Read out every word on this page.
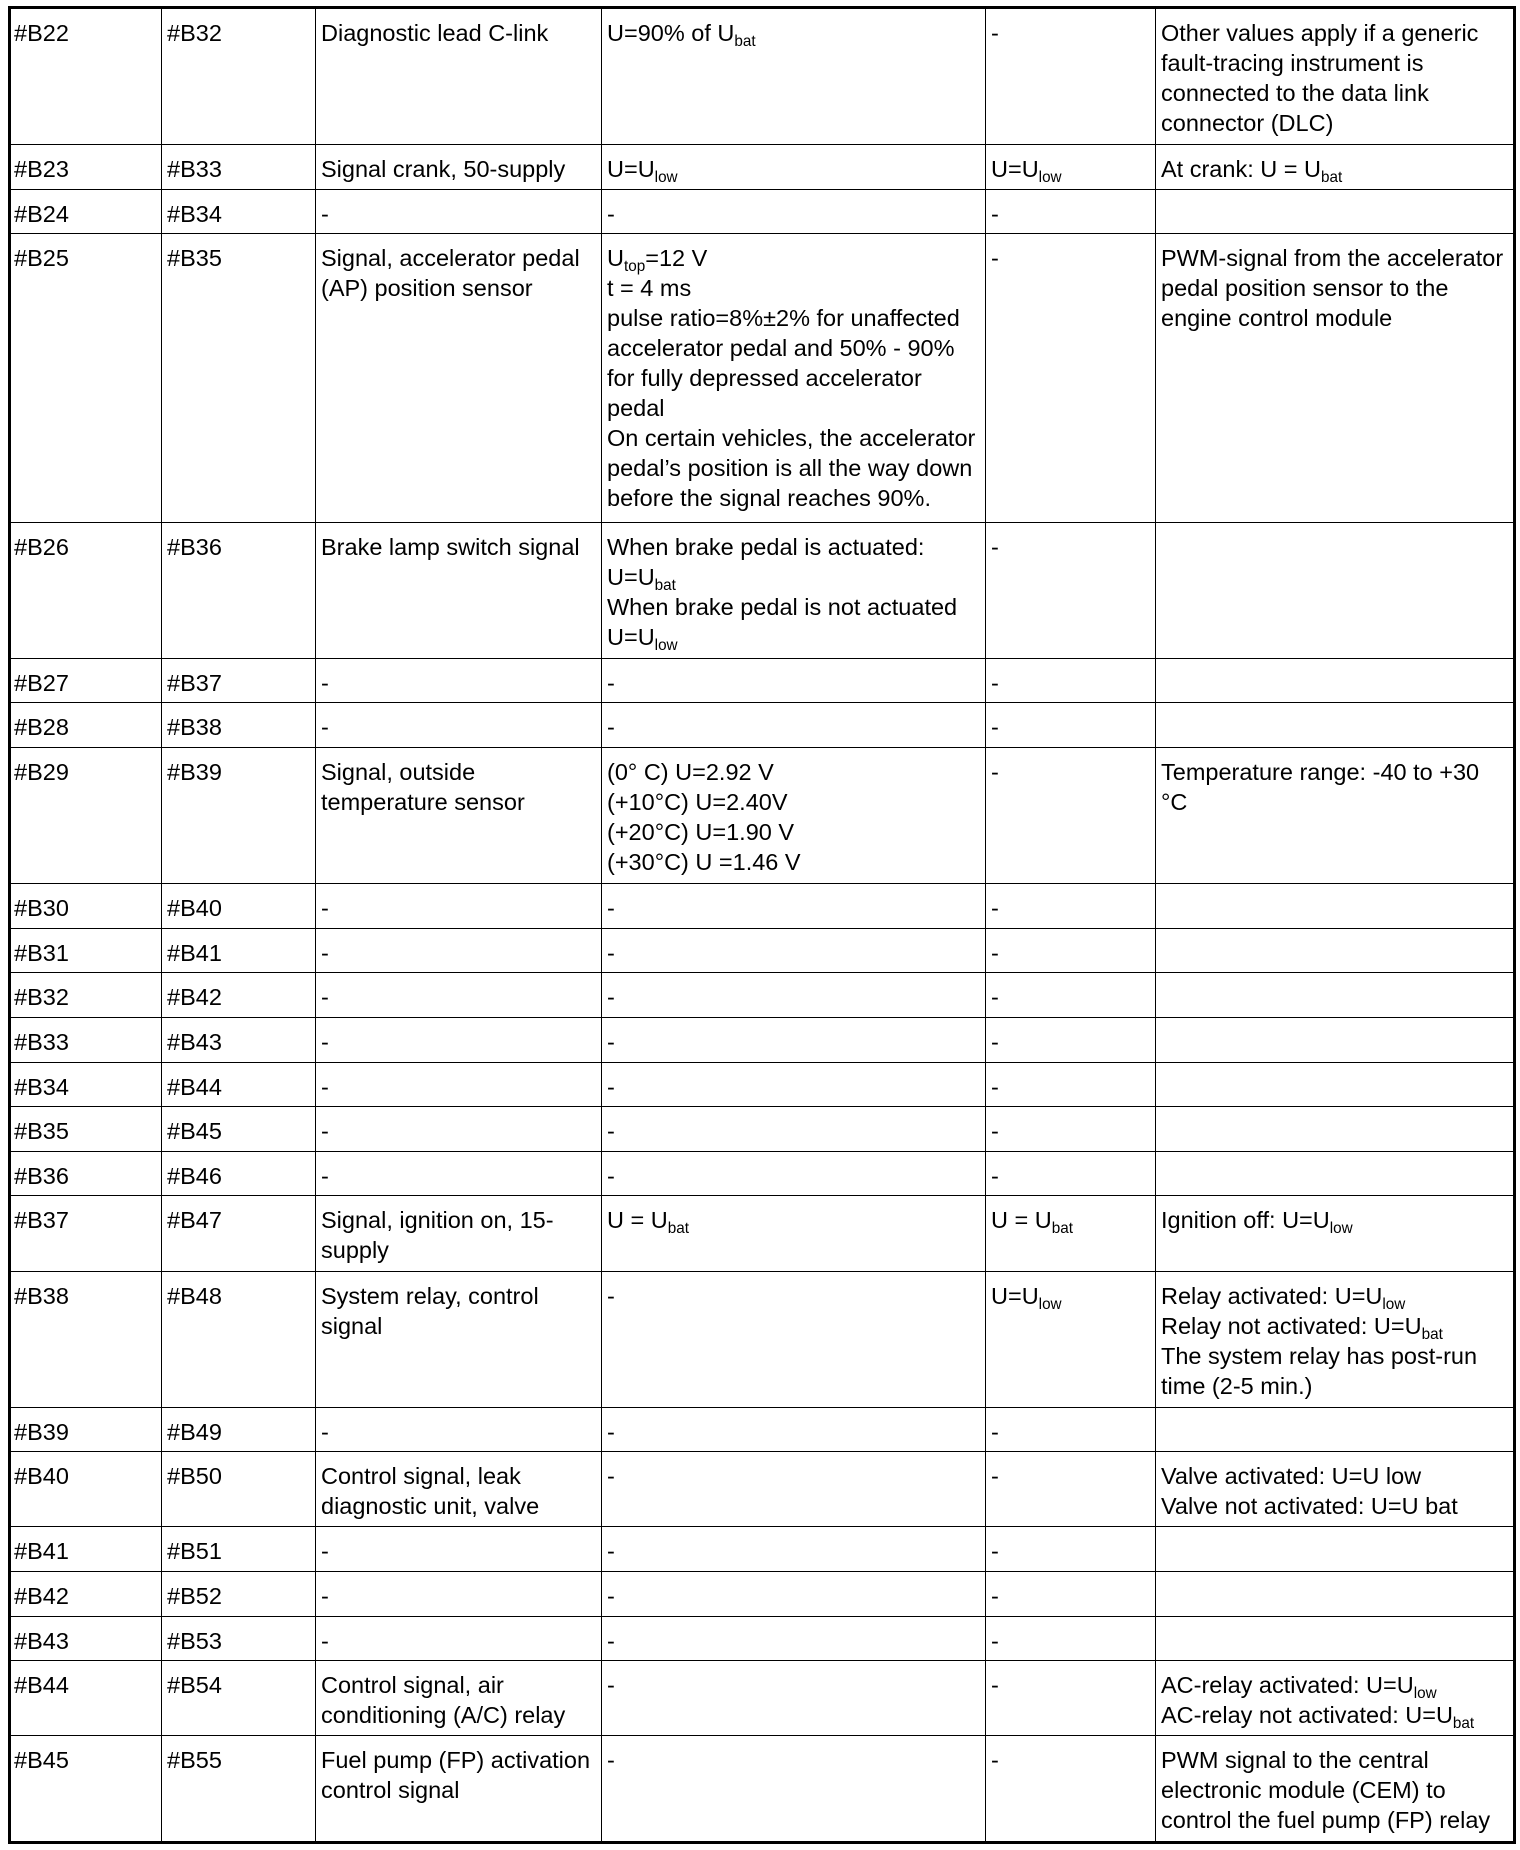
#B22	#B32	Diagnostic lead C-link	U=90% of $U_{bat}$	-	Other values apply if a generic fault-tracing instrument is connected to the data link connector (DLC)

#B23	#B33	Signal crank, 50-supply	$U=U_{low}$	$U=U_{low}$	At crank: $U = U_{bat}$

#B24	#B34	-	-	-	
#B25	#B35	Signal, accelerator pedal (AP) position sensor	$U_{top}=12$ V
t = 4 ms
pulse ratio=8%±2% for unaffected accelerator pedal and 50% - 90% for fully depressed accelerator pedal
On certain vehicles, the accelerator pedal’s position is all the way down before the signal reaches 90%.	-	PWM-signal from the accelerator pedal position sensor to the engine control module

#B26	#B36	Brake lamp switch signal	When brake pedal is actuated:
$U=U_{bat}$
When brake pedal is not actuated $U=U_{low}$	-	
#B27	#B37	-	-	-	
#B28	#B38	-	-	-	
#B29	#B39	Signal, outside temperature sensor	(0° C) U=2.92 V
(+10°C) U=2.40V
(+20°C) U=1.90 V
(+30°C) U =1.46 V	-	Temperature range: -40 to +30 °C

#B30	#B40	-	-	-	
#B31	#B41	-	-	-	
#B32	#B42	-	-	-	
#B33	#B43	-	-	-	
#B34	#B44	-	-	-	
#B35	#B45	-	-	-	
#B36	#B46	-	-	-	
#B37	#B47	Signal, ignition on, 15-supply	$U = U_{bat}$	$U = U_{bat}$	Ignition off: $U=U_{low}$

#B38	#B48	System relay, control signal	-	$U=U_{low}$	Relay activated: $U=U_{low}$
Relay not activated: $U=U_{bat}$
The system relay has post-run time (2-5 min.)

#B39	#B49	-	-	-	
#B40	#B50	Control signal, leak diagnostic unit, valve	-	-	Valve activated: U=U low
Valve not activated: U=U bat

#B41	#B51	-	-	-	
#B42	#B52	-	-	-	
#B43	#B53	-	-	-	
#B44	#B54	Control signal, air conditioning (A/C) relay	-	-	AC-relay activated: $U=U_{low}$
AC-relay not activated: $U=U_{bat}$

#B45	#B55	Fuel pump (FP) activation control signal	-	-	PWM signal to the central electronic module (CEM) to control the fuel pump (FP) relay
